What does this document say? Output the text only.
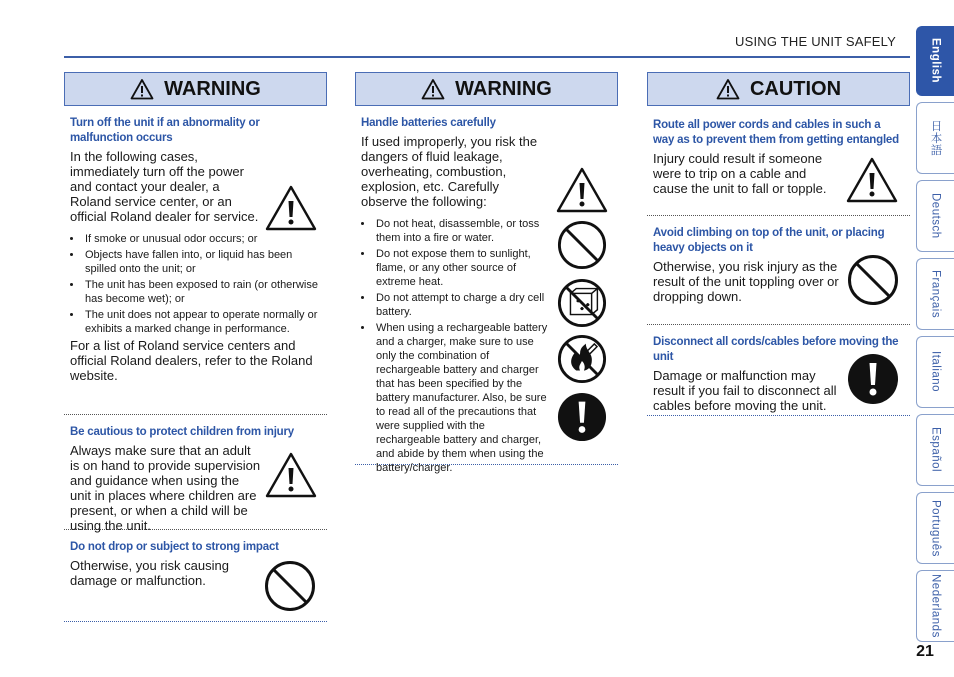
USING THE UNIT SAFELY
WARNING
Turn off the unit if an abnormality or malfunction occurs
In the following cases, immediately turn off the power and contact your dealer, a Roland service center, or an official Roland dealer for service.
• If smoke or unusual odor occurs; or
• Objects have fallen into, or liquid has been spilled onto the unit; or
• The unit has been exposed to rain (or otherwise has become wet); or
• The unit does not appear to operate normally or exhibits a marked change in performance.
For a list of Roland service centers and official Roland dealers, refer to the Roland website.
Be cautious to protect children from injury
Always make sure that an adult is on hand to provide supervision and guidance when using the unit in places where children are present, or when a child will be using the unit.
Do not drop or subject to strong impact
Otherwise, you risk causing damage or malfunction.
WARNING
Handle batteries carefully
If used improperly, you risk the dangers of fluid leakage, overheating, combustion, explosion, etc. Carefully observe the following:
• Do not heat, disassemble, or toss them into a fire or water.
• Do not expose them to sunlight, flame, or any other source of extreme heat.
• Do not attempt to charge a dry cell battery.
• When using a rechargeable battery and a charger, make sure to use only the combination of rechargeable battery and charger that has been specified by the battery manufacturer. Also, be sure to read all of the precautions that were supplied with the rechargeable battery and charger, and abide by them when using the battery/charger.
CAUTION
Route all power cords and cables in such a way as to prevent them from getting entangled
Injury could result if someone were to trip on a cable and cause the unit to fall or topple.
Avoid climbing on top of the unit, or placing heavy objects on it
Otherwise, you risk injury as the result of the unit toppling over or dropping down.
Disconnect all cords/cables before moving the unit
Damage or malfunction may result if you fail to disconnect all cables before moving the unit.
English
日本語
Deutsch
Français
Italiano
Español
Português
Nederlands
21
